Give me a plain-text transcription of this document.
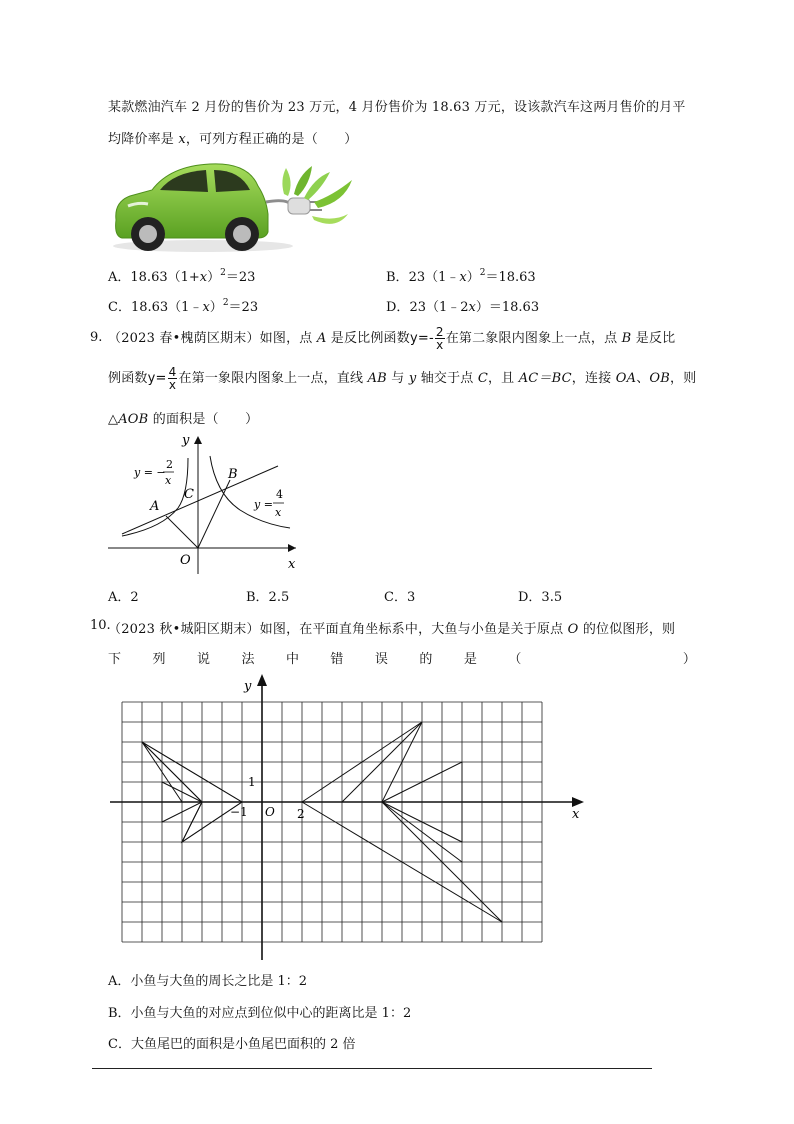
某款燃油汽车 2 月份的售价为 23 万元，4 月份售价为 18.63 万元，设该款汽车这两月售价的月平
均降价率是 x，可列方程正确的是（　　）
A．$18.63(1+x)^2=23$	B．23（1﹣x）$^2$＝18.63
C．18.63（1﹣x）$^2$＝23	D．23（1﹣2x）＝18.63
9. （2023 春•槐荫区期末）如图，点 A 是反比例函数$y=- \frac{2}{x}$ 在第二象限内图象上一点，点 B 是反比
例函数$y= \frac{4}{x}$ 在第一象限内图象上一点，直线 AB 与 y 轴交于点 C，且 AC＝BC，连接 OA、OB，则
△AOB 的面积是（　　）
y
x
O
A
B
C
y = −
2
x
y =
4
x
A．2	B．2.5	C．3	D．3.5
10.
（2023 秋•城阳区期末）如图，在平面直角坐标系中，大鱼与小鱼是关于原点 O 的位似图形，则
下 列 说 法 中 错 误 的 是 （	）
y
x
O
1
−1	2
A．小鱼与大鱼的周长之比是 1：2
B．小鱼与大鱼的对应点到位似中心的距离比是 1：2
C．大鱼尾巴的面积是小鱼尾巴面积的 2 倍
